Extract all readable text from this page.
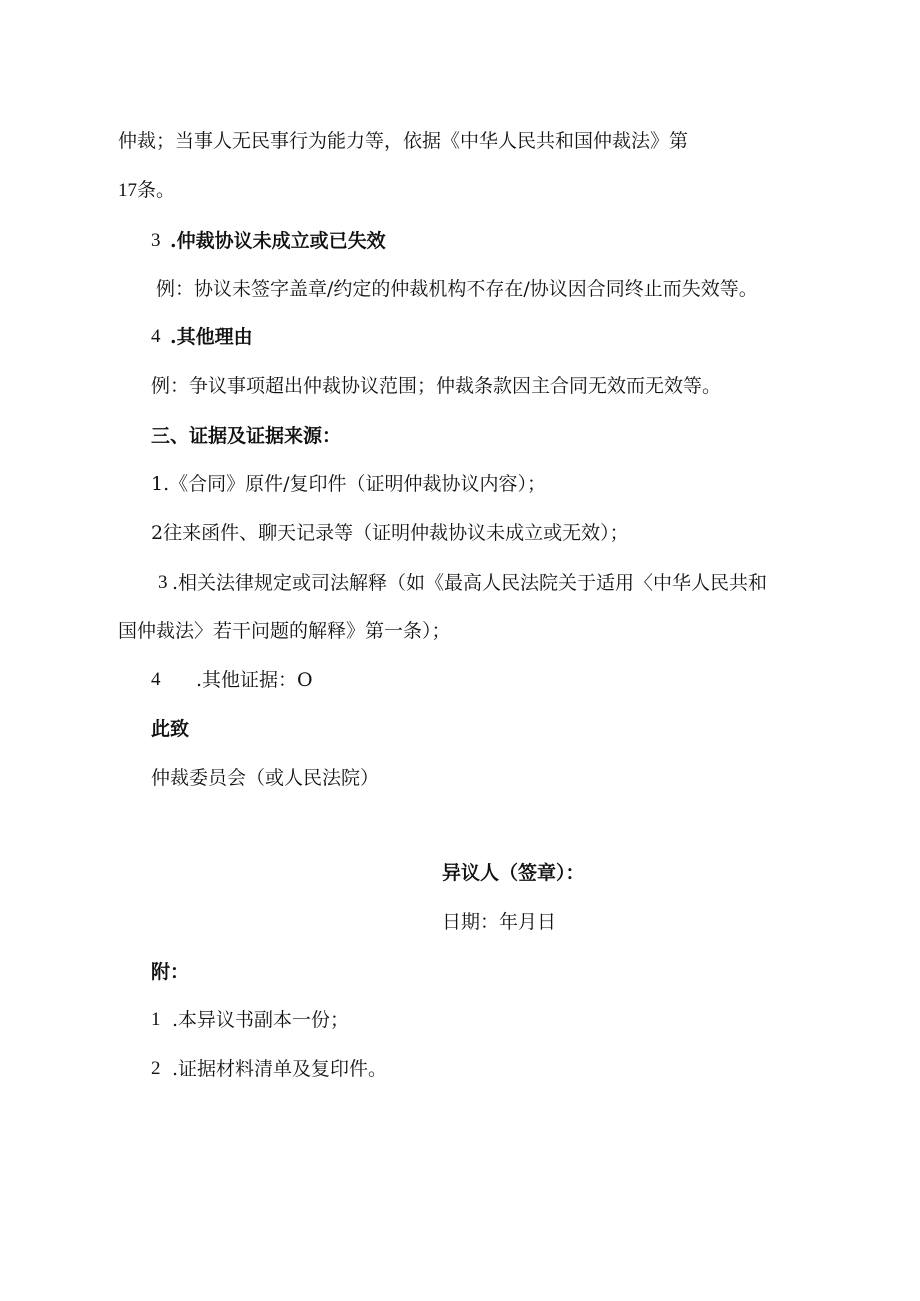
仲裁；当事人无民事行为能力等，依据《中华人民共和国仲裁法》第
17条。
3 .仲裁协议未成立或已失效
例：协议未签字盖章/约定的仲裁机构不存在/协议因合同终止而失效等。
4 .其他理由
例：争议事项超出仲裁协议范围；仲裁条款因主合同无效而无效等。
三、证据及证据来源：
1.《合同》原件/复印件（证明仲裁协议内容）；
2往来函件、聊天记录等（证明仲裁协议未成立或无效）；
3 .相关法律规定或司法解释（如《最高人民法院关于适用〈中华人民共和
国仲裁法〉若干问题的解释》第一条）；
4 .其他证据：O
此致
仲裁委员会（或人民法院）
异议人（签章）：
日期：年月日
附：
1 .本异议书副本一份；
2 .证据材料清单及复印件。
